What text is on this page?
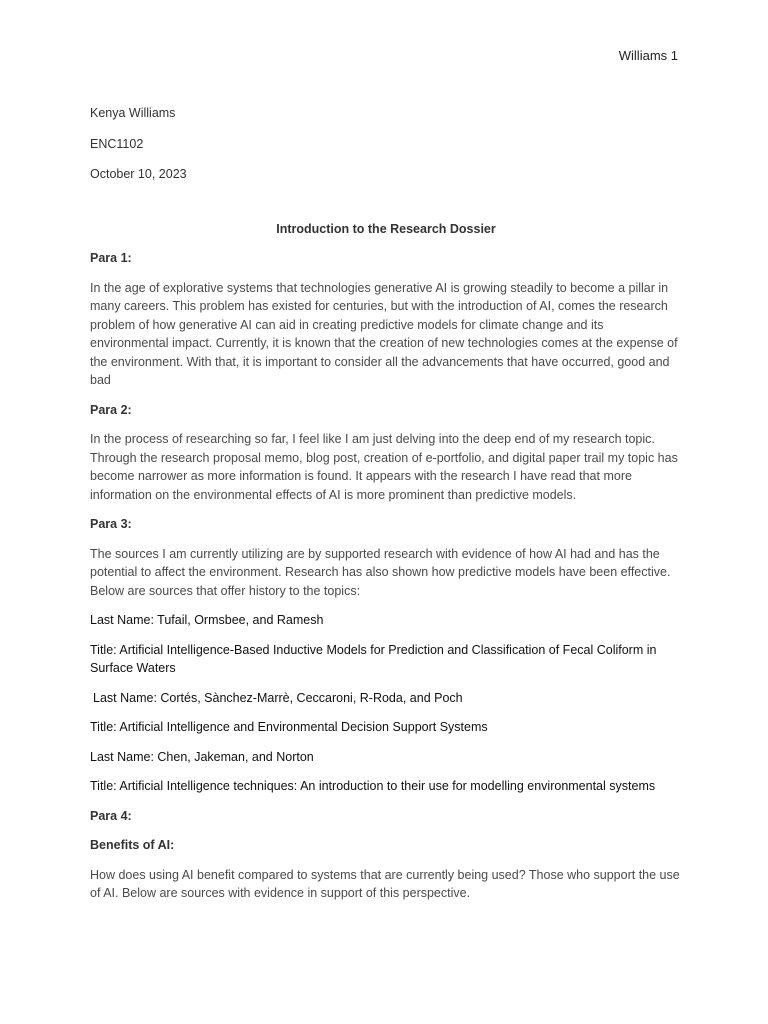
Williams 1

Kenya Williams

ENC1102

October 10, 2023

Introduction to the Research Dossier

Para 1:

In the age of explorative systems that technologies generative AI is growing steadily to become a pillar in many careers. This problem has existed for centuries, but with the introduction of AI, comes the research problem of how generative AI can aid in creating predictive models for climate change and its environmental impact. Currently, it is known that the creation of new technologies comes at the expense of the environment. With that, it is important to consider all the advancements that have occurred, good and bad

Para 2:

In the process of researching so far, I feel like I am just delving into the deep end of my research topic. Through the research proposal memo, blog post, creation of e-portfolio, and digital paper trail my topic has become narrower as more information is found. It appears with the research I have read that more information on the environmental effects of AI is more prominent than predictive models.

Para 3:

The sources I am currently utilizing are by supported research with evidence of how AI had and has the potential to affect the environment. Research has also shown how predictive models have been effective. Below are sources that offer history to the topics:

Last Name: Tufail, Ormsbee, and Ramesh

Title: Artificial Intelligence-Based Inductive Models for Prediction and Classification of Fecal Coliform in Surface Waters

Last Name: Cortés, Sànchez-Marrè, Ceccaroni, R-Roda, and Poch

Title: Artificial Intelligence and Environmental Decision Support Systems

Last Name: Chen, Jakeman, and Norton

Title: Artificial Intelligence techniques: An introduction to their use for modelling environmental systems

Para 4:

Benefits of AI:

How does using AI benefit compared to systems that are currently being used? Those who support the use of AI. Below are sources with evidence in support of this perspective.
